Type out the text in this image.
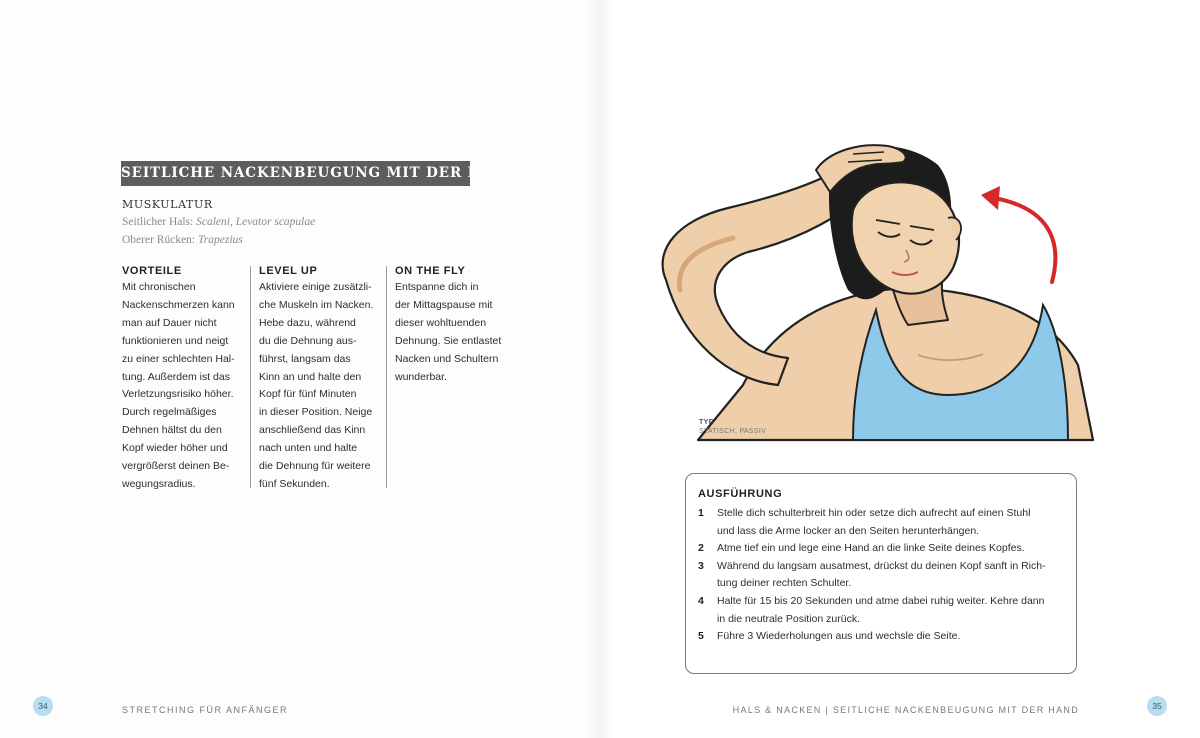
SEITLICHE NACKENBEUGUNG MIT DER HAND
MUSKULATUR
Seitlicher Hals: Scaleni, Levator scapulae
Oberer Rücken: Trapezius
VORTEILE

Mit chronischen
Nackenschmerzen kann
man auf Dauer nicht
funktionieren und neigt
zu einer schlechten Hal-
tung. Außerdem ist das
Verletzungsrisiko höher.
Durch regelmäßiges
Dehnen hältst du den
Kopf wieder höher und
vergrößerst deinen Be-
wegungsradius.

LEVEL UP

Aktiviere einige zusätzli-
che Muskeln im Nacken.
Hebe dazu, während
du die Dehnung aus-
führst, langsam das
Kinn an und halte den
Kopf für fünf Minuten
in dieser Position. Neige
anschließend das Kinn
nach unten und halte
die Dehnung für weitere
fünf Sekunden.

ON THE FLY

Entspanne dich in
der Mittagspause mit
dieser wohltuenden
Dehnung. Sie entlastet
Nacken und Schultern
wunderbar.

34	STRETCHING FÜR ANFÄNGER
TYP
STATISCH, PASSIV
AUSFÜHRUNG
1	Stelle dich schulterbreit hin oder setze dich aufrecht auf einen Stuhl
und lass die Arme locker an den Seiten herunterhängen.
2	Atme tief ein und lege eine Hand an die linke Seite deines Kopfes.
3	Während du langsam ausatmest, drückst du deinen Kopf sanft in Rich-
tung deiner rechten Schulter.
4	Halte für 15 bis 20 Sekunden und atme dabei ruhig weiter. Kehre dann
in die neutrale Position zurück.
5	Führe 3 Wiederholungen aus und wechsle die Seite.
HALS & NACKEN | SEITLICHE NACKENBEUGUNG MIT DER HAND	35
